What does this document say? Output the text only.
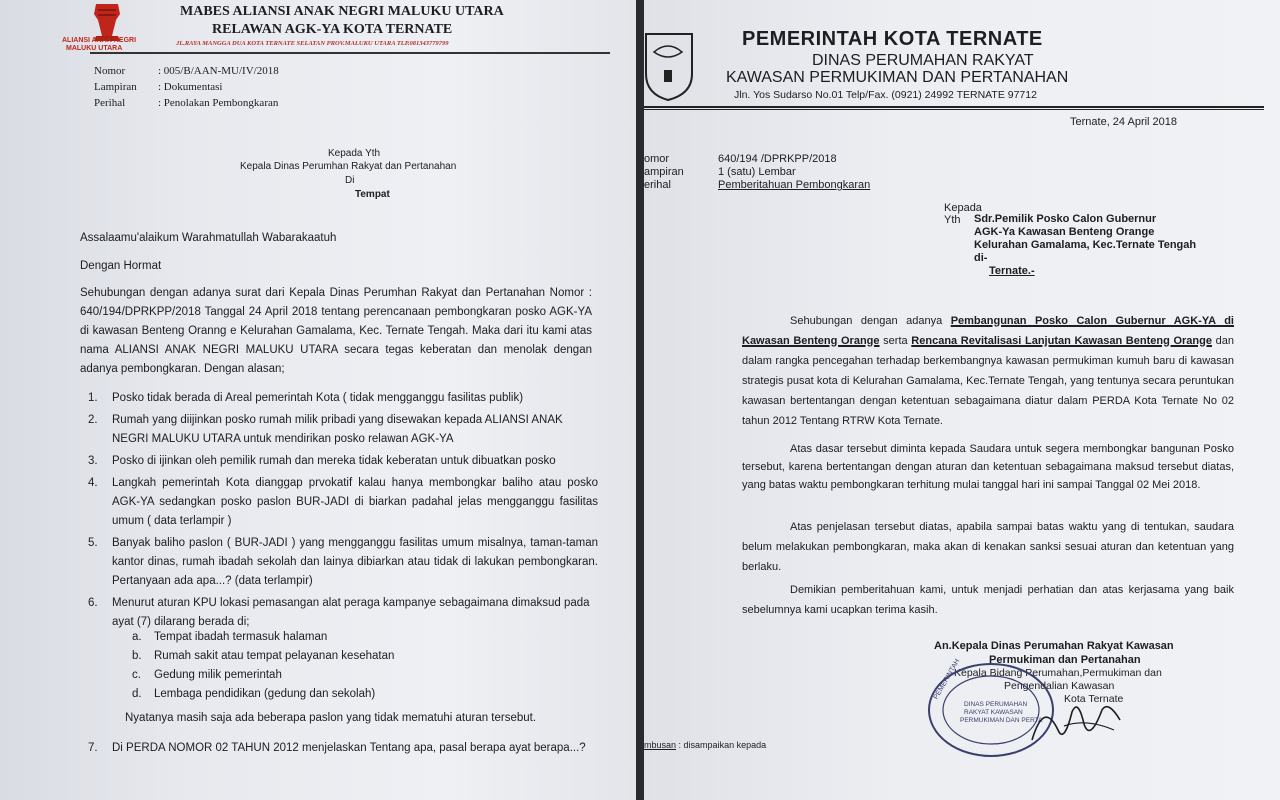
ALIANSI ANAK NEGRI
MALUKU UTARA
MABES ALIANSI ANAK NEGRI MALUKU UTARA
RELAWAN AGK-YA KOTA TERNATE
JL.RAYA MANGGA DUA KOTA TERNATE SELATAN PROV.MALUKU UTARA TLP.081343779799
Nomor	: 005/B/AAN-MU/IV/2018
Lampiran : Dokumentasi
Perihal	: Penolakan Pembongkaran
Kepada Yth
Kepala Dinas Perumhan Rakyat dan Pertanahan
Di
Tempat
Assalaamu'alaikum Warahmatullah Wabarakaatuh
Dengan Hormat
Sehubungan dengan adanya surat dari Kepala Dinas Perumhan Rakyat dan Pertanahan Nomor : 640/194/DPRKPP/2018 Tanggal 24 April 2018 tentang perencanaan pembongkaran posko AGK-YA di kawasan Benteng Oranng e Kelurahan Gamalama, Kec. Ternate Tengah. Maka dari itu kami atas nama ALIANSI ANAK NEGRI MALUKU UTARA secara tegas keberatan dan menolak dengan adanya pembongkaran. Dengan alasan;
1.	Posko tidak berada di Areal pemerintah Kota ( tidak mengganggu fasilitas publik)
2.	Rumah yang diijinkan posko rumah milik pribadi yang disewakan kepada ALIANSI ANAK NEGRI MALUKU UTARA untuk mendirikan posko relawan AGK-YA
3.	Posko di ijinkan oleh pemilik rumah dan mereka tidak keberatan untuk dibuatkan posko
4.	Langkah pemerintah Kota dianggap prvokatif kalau hanya membongkar baliho atau posko AGK-YA sedangkan posko paslon BUR-JADI di biarkan padahal jelas mengganggu fasilitas umum ( data terlampir )
5.	Banyak baliho paslon ( BUR-JADI ) yang mengganggu fasilitas umum misalnya, taman-taman kantor dinas, rumah ibadah sekolah dan lainya dibiarkan atau tidak di lakukan pembongkaran. Pertanyaan ada apa...? (data terlampir)
6.	Menurut aturan KPU lokasi pemasangan alat peraga kampanye sebagaimana dimaksud pada ayat (7) dilarang berada di;
a. Tempat ibadah termasuk halaman
b. Rumah sakit atau tempat pelayanan kesehatan
c. Gedung milik pemerintah
d. Lembaga pendidikan (gedung dan sekolah)
Nyatanya masih saja ada beberapa paslon yang tidak mematuhi aturan tersebut.
7.	Di PERDA NOMOR 02 TAHUN 2012 menjelaskan Tentang apa, pasal berapa ayat berapa...?
PEMERINTAH KOTA TERNATE
DINAS PERUMAHAN RAKYAT
KAWASAN PERMUKIMAN DAN PERTANAHAN
Jln. Yos Sudarso No.01 Telp/Fax. (0921) 24992 TERNATE 97712
Ternate, 24 April 2018
omor	640/194 /DPRKPP/2018
ampiran	1 (satu) Lembar
erihal	Pemberitahuan Pembongkaran
Kepada
Yth Sdr.Pemilik Posko Calon Gubernur
AGK-Ya Kawasan Benteng Orange
Kelurahan Gamalama, Kec.Ternate Tengah
di-
Ternate.-
Sehubungan dengan adanya Pembangunan Posko Calon Gubernur AGK-YA di Kawasan Benteng Orange serta Rencana Revitalisasi Lanjutan Kawasan Benteng Orange dan dalam rangka pencegahan terhadap berkembangnya kawasan permukiman kumuh baru di kawasan strategis pusat kota di Kelurahan Gamalama, Kec.Ternate Tengah, yang tentunya secara peruntukan kawasan bertentangan dengan ketentuan sebagaimana diatur dalam PERDA Kota Ternate No 02 tahun 2012 Tentang RTRW Kota Ternate.
Atas dasar tersebut diminta kepada Saudara untuk segera membongkar bangunan Posko tersebut, karena bertentangan dengan aturan dan ketentuan sebagaimana maksud tersebut diatas, yang batas waktu pembongkaran terhitung mulai tanggal hari ini sampai Tanggal 02 Mei 2018.
Atas penjelasan tersebut diatas, apabila sampai batas waktu yang di tentukan, saudara belum melakukan pembongkaran, maka akan di kenakan sanksi sesuai aturan dan ketentuan yang berlaku.
Demikian pemberitahuan kami, untuk menjadi perhatian dan atas kerjasama yang baik sebelumnya kami ucapkan terima kasih.
An.Kepala Dinas Perumahan Rakyat Kawasan
Permukiman dan Pertanahan
Kepala Bidang Perumahan,Permukiman dan
Pengendalian Kawasan
Kota Ternate
PEMERINTAH
DINAS PERUMAHAN
RAKYAT KAWASAN
PERMUKIMAN DAN PERTA
mbusan : disampaikan kepada
